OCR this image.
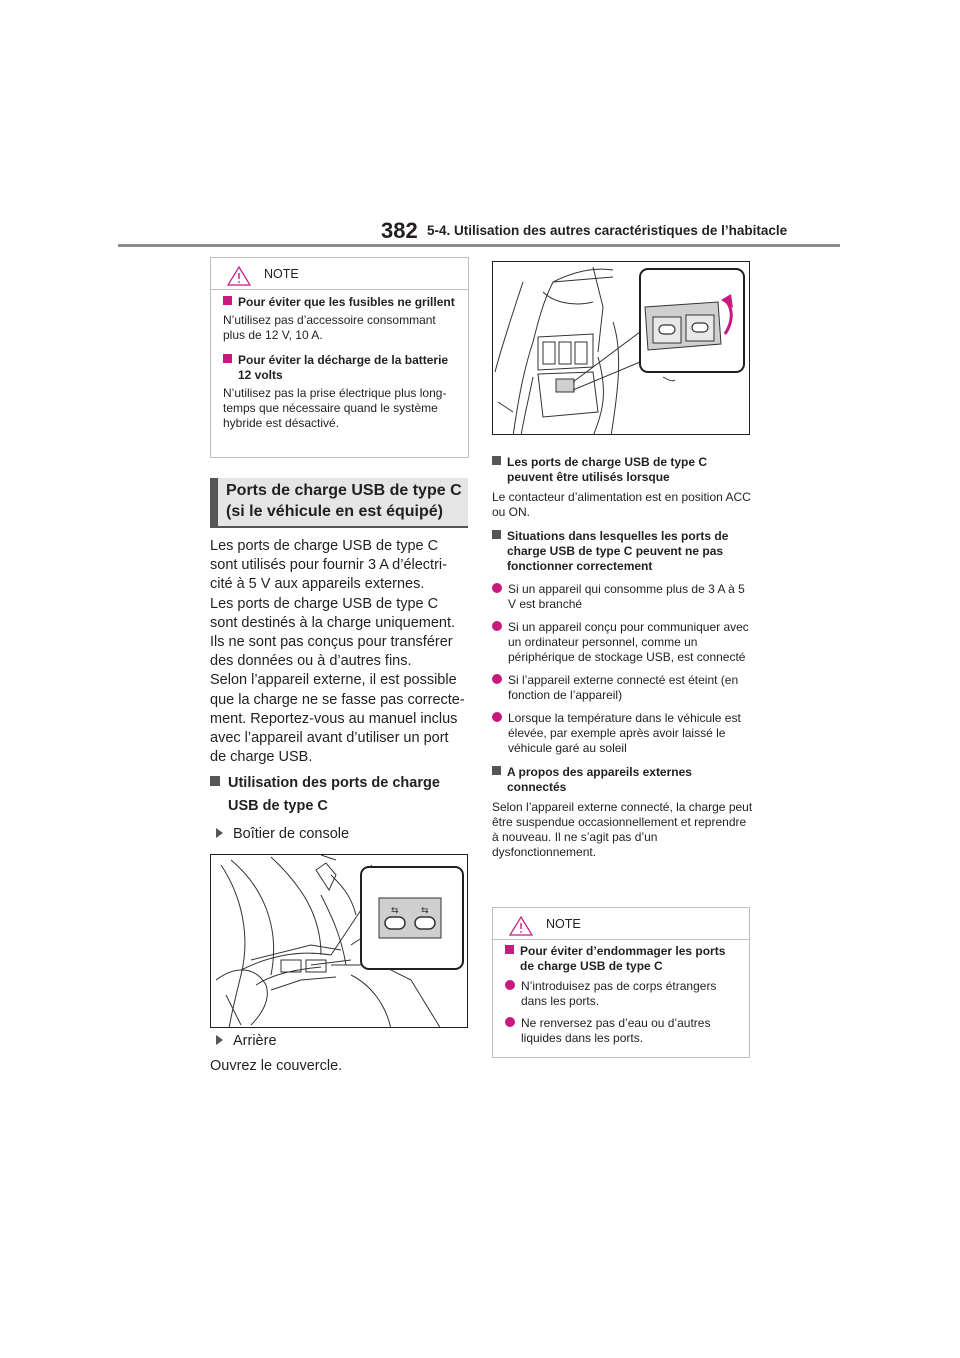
382 5-4. Utilisation des autres caractéristiques de l’habitacle
NOTE
Pour éviter que les fusibles ne grillent
N’utilisez pas d’accessoire consommant plus de 12 V, 10 A.
Pour éviter la décharge de la batterie 12 volts
N’utilisez pas la prise électrique plus long-temps que nécessaire quand le système hybride est désactivé.
Ports de charge USB de type C
(si le véhicule en est équipé)
Les ports de charge USB de type C
sont utilisés pour fournir 3 A d’électri-
cité à 5 V aux appareils externes.
Les ports de charge USB de type C
sont destinés à la charge uniquement.
Ils ne sont pas conçus pour transférer
des données ou à d’autres fins.
Selon l’appareil externe, il est possible
que la charge ne se fasse pas correcte-
ment. Reportez-vous au manuel inclus
avec l’appareil avant d’utiliser un port
de charge USB.
Utilisation des ports de charge
USB de type C
Boîtier de console
⇆ ⇆
Arrière
Ouvrez le couvercle.
Les ports de charge USB de type C peuvent être utilisés lorsque
Le contacteur d’alimentation est en position ACC ou ON.
Situations dans lesquelles les ports de charge USB de type C peuvent ne pas fonctionner correctement
Si un appareil qui consomme plus de 3 A à 5 V est branché
Si un appareil conçu pour communiquer avec un ordinateur personnel, comme un périphérique de stockage USB, est connecté
Si l’appareil externe connecté est éteint (en fonction de l’appareil)
Lorsque la température dans le véhicule est élevée, par exemple après avoir laissé le véhicule garé au soleil
A propos des appareils externes connectés
Selon l’appareil externe connecté, la charge peut être suspendue occasionnellement et reprendre à nouveau. Il ne s’agit pas d’un dysfonctionnement.
NOTE
Pour éviter d’endommager les ports de charge USB de type C
N’introduisez pas de corps étrangers dans les ports.
Ne renversez pas d’eau ou d’autres liquides dans les ports.
